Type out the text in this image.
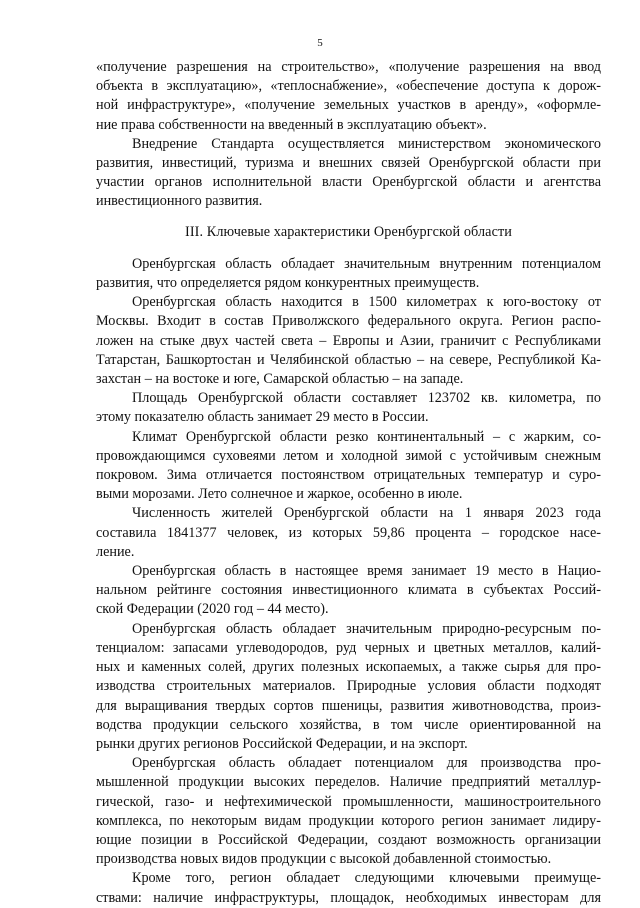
5

«получение разрешения на строительство», «получение разрешения на ввод
объекта в эксплуатацию», «теплоснабжение», «обеспечение доступа к дорож-
ной инфраструктуре», «получение земельных участков в аренду», «оформле-
ние права собственности на введенный в эксплуатацию объект».

Внедрение Стандарта осуществляется министерством экономического
развития, инвестиций, туризма и внешних связей Оренбургской области при
участии органов исполнительной власти Оренбургской области и агентства
инвестиционного развития.

III. Ключевые характеристики Оренбургской области

Оренбургская область обладает значительным внутренним потенциалом
развития, что определяется рядом конкурентных преимуществ.

Оренбургская область находится в 1500 километрах к юго-востоку от
Москвы. Входит в состав Приволжского федерального округа. Регион распо-
ложен на стыке двух частей света – Европы и Азии, граничит с Республиками
Татарстан, Башкортостан и Челябинской областью – на севере, Республикой Ка-
захстан – на востоке и юге, Самарской областью – на западе.

Площадь Оренбургской области составляет 123702 кв. километра, по
этому показателю область занимает 29 место в России.

Климат Оренбургской области резко континентальный – с жарким, со-
провождающимся суховеями летом и холодной зимой с устойчивым снежным
покровом. Зима отличается постоянством отрицательных температур и суро-
выми морозами. Лето солнечное и жаркое, особенно в июле.

Численность жителей Оренбургской области на 1 января 2023 года
составила 1841377 человек, из которых 59,86 процента – городское насе-
ление.

Оренбургская область в настоящее время занимает 19 место в Нацио-
нальном рейтинге состояния инвестиционного климата в субъектах Россий-
ской Федерации (2020 год – 44 место).

Оренбургская область обладает значительным природно-ресурсным по-
тенциалом: запасами углеводородов, руд черных и цветных металлов, калий-
ных и каменных солей, других полезных ископаемых, а также сырья для про-
изводства строительных материалов. Природные условия области подходят
для выращивания твердых сортов пшеницы, развития животноводства, произ-
водства продукции сельского хозяйства, в том числе ориентированной на
рынки других регионов Российской Федерации, и на экспорт.

Оренбургская область обладает потенциалом для производства про-
мышленной продукции высоких переделов. Наличие предприятий металлур-
гической, газо- и нефтехимической промышленности, машиностроительного
комплекса, по некоторым видам продукции которого регион занимает лидиру-
ющие позиции в Российской Федерации, создают возможность организации
производства новых видов продукции с высокой добавленной стоимостью.

Кроме того, регион обладает следующими ключевыми преимуще-
ствами: наличие инфраструктуры, площадок, необходимых инвесторам для
